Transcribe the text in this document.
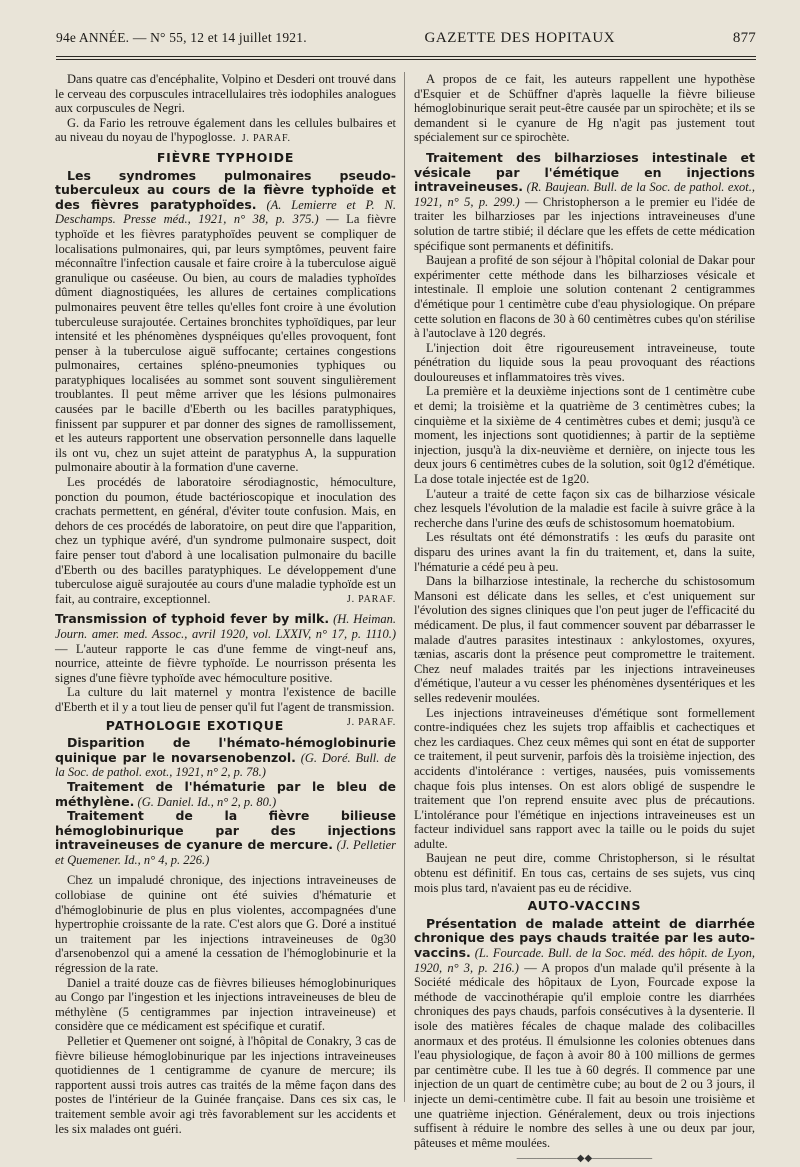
94e ANNÉE. — N° 55, 12 et 14 juillet 1921.	GAZETTE DES HOPITAUX	877

Dans quatre cas d'encéphalite, Volpino et Desderi ont trouvé dans le cerveau des corpuscules intracellulaires très iodophiles analogues aux corpuscules de Negri.

G. da Fario les retrouve également dans les cellules bulbaires et au niveau du noyau de l'hypoglosse. J. PARAF.

FIÈVRE TYPHOIDE

Les syndromes pulmonaires pseudo-tuberculeux au cours de la fièvre typhoïde et des fièvres paratyphoïdes. (A. Lemierre et P. N. Deschamps. Presse méd., 1921, n° 38, p. 375.) — La fièvre typhoïde et les fièvres paratyphoïdes peuvent se compliquer de localisations pulmonaires, qui, par leurs symptômes, peuvent faire méconnaître l'infection causale et faire croire à la tuberculose aiguë granulique ou caséeuse. Ou bien, au cours de maladies typhoïdes dûment diagnostiquées, les allures de certaines complications pulmonaires peuvent être telles qu'elles font croire à une évolution tuberculeuse surajoutée. Certaines bronchites typhoïdiques, par leur intensité et les phénomènes dyspnéiques qu'elles provoquent, font penser à la tuberculose aiguë suffocante; certaines congestions pulmonaires, certaines spléno-pneumonies typhiques ou paratyphiques localisées au sommet sont souvent singulièrement troublantes. Il peut même arriver que les lésions pulmonaires causées par le bacille d'Eberth ou les bacilles paratyphiques, finissent par suppurer et par donner des signes de ramollissement, et les auteurs rapportent une observation personnelle dans laquelle ils ont vu, chez un sujet atteint de paratyphus A, la suppuration pulmonaire aboutir à la formation d'une caverne.

Les procédés de laboratoire sérodiagnostic, hémoculture, ponction du poumon, étude bactérioscopique et inoculation des crachats permettent, en général, d'éviter toute confusion. Mais, en dehors de ces procédés de laboratoire, on peut dire que l'apparition, chez un typhique avéré, d'un syndrome pulmonaire suspect, doit faire penser tout d'abord à une localisation pulmonaire du bacille d'Eberth ou des bacilles paratyphiques. Le développement d'une tuberculose aiguë surajoutée au cours d'une maladie typhoïde est un fait, au contraire, exceptionnel.	J. PARAF.

Transmission of typhoid fever by milk. (H. Heiman. Journ. amer. med. Assoc., avril 1920, vol. LXXIV, n° 17, p. 1110.) — L'auteur rapporte le cas d'une femme de vingt-neuf ans, nourrice, atteinte de fièvre typhoïde. Le nourrisson présenta les signes d'une fièvre typhoïde avec hémoculture positive.

La culture du lait maternel y montra l'existence de bacille d'Eberth et il y a tout lieu de penser qu'il fut l'agent de transmission.
J. PARAF.

PATHOLOGIE EXOTIQUE

Disparition de l'hémato-hémoglobinurie quinique par le novarsenobenzol. (G. Doré. Bull. de la Soc. de pathol. exot., 1921, n° 2, p. 78.)

Traitement de l'hématurie par le bleu de méthylène. (G. Daniel. Id., n° 2, p. 80.)

Traitement de la fièvre bilieuse hémoglobinurique par des injections intraveineuses de cyanure de mercure. (J. Pelletier et Quemener. Id., n° 4, p. 226.)

Chez un impaludé chronique, des injections intraveineuses de collobiase de quinine ont été suivies d'hématurie et d'hémoglobinurie de plus en plus violentes, accompagnées d'une hypertrophie croissante de la rate. C'est alors que G. Doré a institué un traitement par les injections intraveineuses de 0g30 d'arsenobenzol qui a amené la cessation de l'hémoglobinurie et la régression de la rate.

Daniel a traité douze cas de fièvres bilieuses hémoglobinuriques au Congo par l'ingestion et les injections intraveineuses de bleu de méthylène (5 centigrammes par injection intraveineuse) et considère que ce médicament est spécifique et curatif.

Pelletier et Quemener ont soigné, à l'hôpital de Conakry, 3 cas de fièvre bilieuse hémoglobinurique par les injections intraveineuses quotidiennes de 1 centigramme de cyanure de mercure; ils rapportent aussi trois autres cas traités de la même façon dans des postes de l'intérieur de la Guinée française. Dans ces six cas, le traitement semble avoir agi très favorablement sur les accidents et les six malades ont guéri.

A propos de ce fait, les auteurs rappellent une hypothèse d'Esquier et de Schüffner d'après laquelle la fièvre bilieuse hémoglobinurique serait peut-être causée par un spirochète; et ils se demandent si le cyanure de Hg n'agit pas justement tout spécialement sur ce spirochète.

Traitement des bilharzioses intestinale et vésicale par l'émétique en injections intraveineuses. (R. Baujean. Bull. de la Soc. de pathol. exot., 1921, n° 5, p. 299.) — Christopherson a le premier eu l'idée de traiter les bilharzioses par les injections intraveineuses d'une solution de tartre stibié; il déclare que les effets de cette médication spécifique sont permanents et définitifs.

Baujean a profité de son séjour à l'hôpital colonial de Dakar pour expérimenter cette méthode dans les bilharzioses vésicale et intestinale. Il emploie une solution contenant 2 centigrammes d'émétique pour 1 centimètre cube d'eau physiologique. On prépare cette solution en flacons de 30 à 60 centimètres cubes qu'on stérilise à l'autoclave à 120 degrés.

L'injection doit être rigoureusement intraveineuse, toute pénétration du liquide sous la peau provoquant des réactions douloureuses et inflammatoires très vives.

La première et la deuxième injections sont de 1 centimètre cube et demi; la troisième et la quatrième de 3 centimètres cubes; la cinquième et la sixième de 4 centimètres cubes et demi; jusqu'à ce moment, les injections sont quotidiennes; à partir de la septième injection, jusqu'à la dix-neuvième et dernière, on injecte tous les deux jours 6 centimètres cubes de la solution, soit 0g12 d'émétique. La dose totale injectée est de 1g20.

L'auteur a traité de cette façon six cas de bilharziose vésicale chez lesquels l'évolution de la maladie est facile à suivre grâce à la recherche dans l'urine des œufs de schistosomum hoematobium.

Les résultats ont été démonstratifs : les œufs du parasite ont disparu des urines avant la fin du traitement, et, dans la suite, l'hématurie a cédé peu à peu.

Dans la bilharziose intestinale, la recherche du schistosomum Mansoni est délicate dans les selles, et c'est uniquement sur l'évolution des signes cliniques que l'on peut juger de l'efficacité du médicament. De plus, il faut commencer souvent par débarrasser le malade d'autres parasites intestinaux : ankylostomes, oxyures, tænias, ascaris dont la présence peut compromettre le traitement. Chez neuf malades traités par les injections intraveineuses d'émétique, l'auteur a vu cesser les phénomènes dysentériques et les selles redevenir moulées.

Les injections intraveineuses d'émétique sont formellement contre-indiquées chez les sujets trop affaiblis et cachectiques et chez les cardiaques. Chez ceux mêmes qui sont en état de supporter ce traitement, il peut survenir, parfois dès la troisième injection, des accidents d'intolérance : vertiges, nausées, puis vomissements chaque fois plus intenses. On est alors obligé de suspendre le traitement que l'on reprend ensuite avec plus de précautions. L'intolérance pour l'émétique en injections intraveineuses est un facteur individuel sans rapport avec la taille ou le poids du sujet adulte.

Baujean ne peut dire, comme Christopherson, si le résultat obtenu est définitif. En tous cas, certains de ses sujets, vus cinq mois plus tard, n'avaient pas eu de récidive.

AUTO-VACCINS

Présentation de malade atteint de diarrhée chronique des pays chauds traitée par les auto-vaccins. (L. Fourcade. Bull. de la Soc. méd. des hôpit. de Lyon, 1920, n° 3, p. 216.) — A propos d'un malade qu'il présente à la Société médicale des hôpitaux de Lyon, Fourcade expose la méthode de vaccinothérapie qu'il emploie contre les diarrhées chroniques des pays chauds, parfois consécutives à la dysenterie. Il isole des matières fécales de chaque malade des colibacilles anormaux et des protéus. Il émulsionne les colonies obtenues dans l'eau physiologique, de façon à avoir 80 à 100 millions de germes par centimètre cube. Il les tue à 60 degrés. Il commence par une injection de un quart de centimètre cube; au bout de 2 ou 3 jours, il injecte un demi-centimètre cube. Il fait au besoin une troisième et une quatrième injection. Généralement, deux ou trois injections suffisent à réduire le nombre des selles à une ou deux par jour, pâteuses et même moulées.

——————◆◆——————
